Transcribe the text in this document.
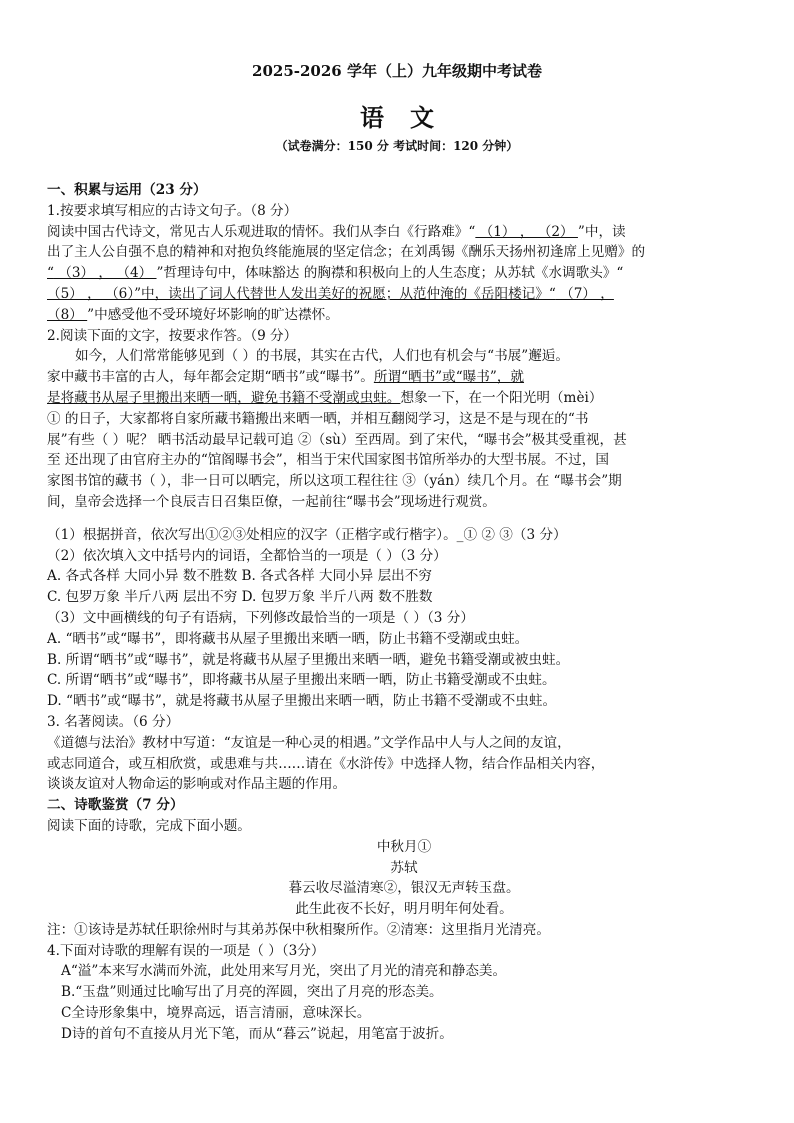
2025-2026 学年（上）九年级期中考试卷
语文
（试卷满分：150 分 考试时间：120 分钟）

一、积累与运用（23 分）

1.按要求填写相应的古诗文句子。（8 分）

阅读中国古代诗文，常见古人乐观进取的情怀。我们从李白《行路难》“ （1） ， （2） ”中，读

出了主人公自强不息的精神和对抱负终能施展的坚定信念；在刘禹锡《酬乐天扬州初逢席上见赠》的

“ （3） ， （4） ”哲理诗句中，体味豁达 的胸襟和积极向上的人生态度；从苏轼《水调歌头》“

（5） ， （6）”中，读出了词人代替世人发出美好的祝愿；从范仲淹的《岳阳楼记》“ （7） ，

（8） ”中感受他不受环境好坏影响的旷达襟怀。

2.阅读下面的文字，按要求作答。（9 分）

如今，人们常常能够见到（ ）的书展，其实在古代，人们也有机会与“书展”邂逅。

家中藏书丰富的古人，每年都会定期“晒书”或“曝书”。所谓“晒书”或“曝书”，就

是将藏书从屋子里搬出来晒一晒，避免书籍不受潮或虫蛀。想象一下，在一个阳光明（mèi）

① 的日子，大家都将自家所藏书籍搬出来晒一晒，并相互翻阅学习，这是不是与现在的“书

展”有些（ ）呢？ 晒书活动最早记载可追 ②（sù）至西周。到了宋代，“曝书会”极其受重视，甚

至 还出现了由官府主办的“馆阁曝书会”，相当于宋代国家图书馆所举办的大型书展。不过，国

家图书馆的藏书（ ），非一日可以晒完，所以这项工程往往 ③（yán）续几个月。在 “曝书会”期

间，皇帝会选择一个良辰吉日召集臣僚，一起前往“曝书会”现场进行观赏。

（1）根据拼音，依次写出①②③处相应的汉字（正楷字或行楷字）。_① ② ③（3 分）

（2）依次填入文中括号内的词语，全都恰当的一项是（ ）（3 分）

A. 各式各样 大同小异 数不胜数 B. 各式各样 大同小异 层出不穷

C. 包罗万象 半斤八两 层出不穷 D. 包罗万象 半斤八两 数不胜数

（3）文中画横线的句子有语病，下列修改最恰当的一项是（ ）（3 分）

A. “晒书”或“曝书”，即将藏书从屋子里搬出来晒一晒，防止书籍不受潮或虫蛀。

B. 所谓“晒书”或“曝书”，就是将藏书从屋子里搬出来晒一晒，避免书籍受潮或被虫蛀。

C. 所谓“晒书”或“曝书”，即将藏书从屋子里搬出来晒一晒，防止书籍受潮或不虫蛀。

D. “晒书”或“曝书”，就是将藏书从屋子里搬出来晒一晒，防止书籍不受潮或不虫蛀。

3. 名著阅读。（6 分）

《道德与法治》教材中写道：“友谊是一种心灵的相遇。”文学作品中人与人之间的友谊，

或志同道合，或互相欣赏，或患难与共……请在《水浒传》中选择人物，结合作品相关内容，

谈谈友谊对人物命运的影响或对作品主题的作用。

二、诗歌鉴赏（7 分）

阅读下面的诗歌，完成下面小题。

中秋月①

苏轼

暮云收尽溢清寒②，银汉无声转玉盘。

此生此夜不长好，明月明年何处看。

注：①该诗是苏轼任职徐州时与其弟苏保中秋相聚所作。②清寒：这里指月光清亮。

4.下面对诗歌的理解有误的一项是（ ）（3分）

A“溢”本来写水满而外流，此处用来写月光，突出了月光的清亮和静态美。

B.“玉盘”则通过比喻写出了月亮的浑圆，突出了月亮的形态美。

C全诗形象集中，境界高远，语言清丽，意味深长。

D诗的首句不直接从月光下笔，而从“暮云”说起，用笔富于波折。
